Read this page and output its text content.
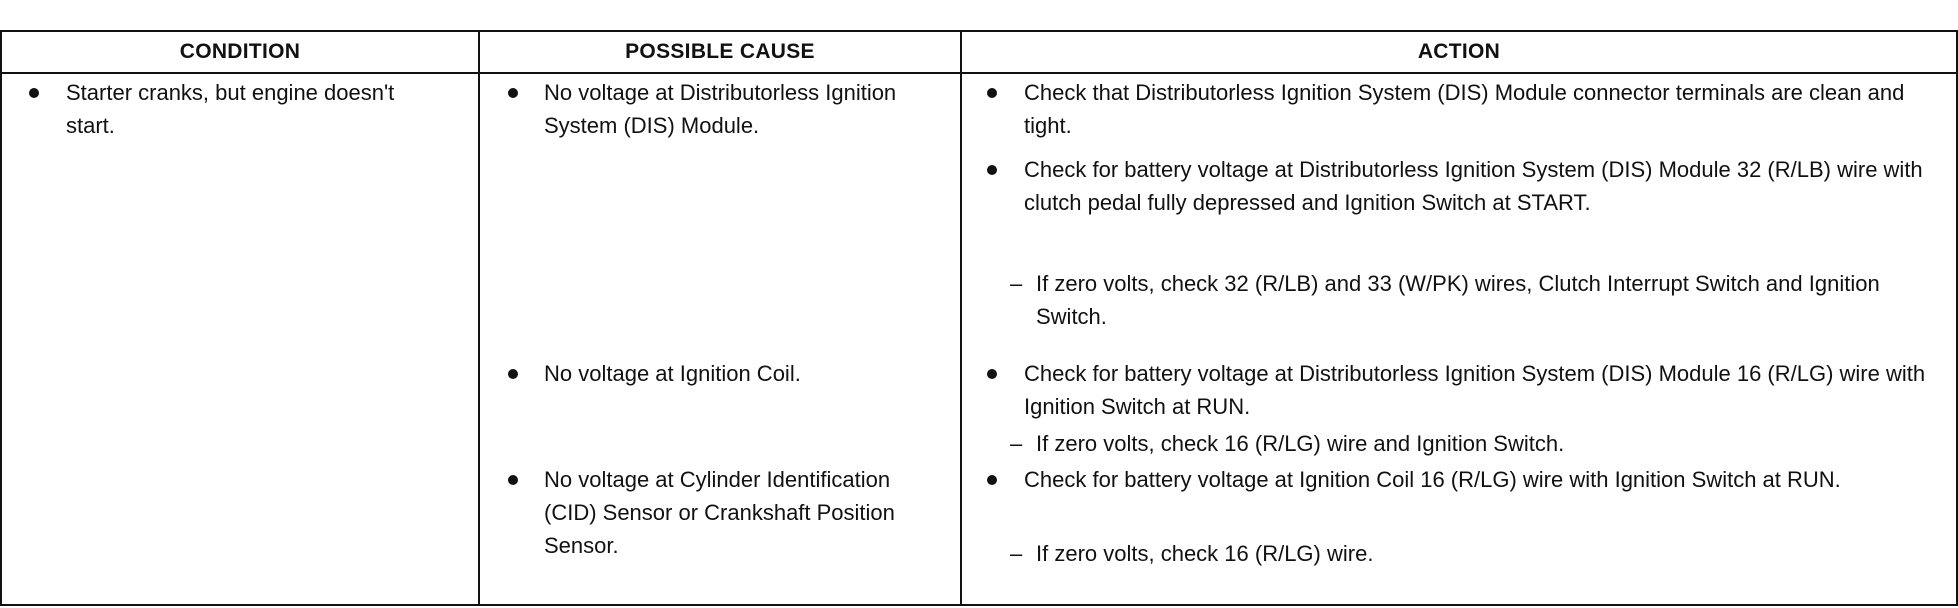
CONDITION	POSSIBLE CAUSE	ACTION
Starter cranks, but engine doesn't start.
No voltage at Distributorless Ignition System (DIS) Module.
No voltage at Ignition Coil.
No voltage at Cylinder Identification (CID) Sensor or Crankshaft Position Sensor.
Check that Distributorless Ignition System (DIS) Module connector terminals are clean and tight.
Check for battery voltage at Distributorless Ignition System (DIS) Module 32 (R/LB) wire with clutch pedal fully depressed and Ignition Switch at START.
– If zero volts, check 32 (R/LB) and 33 (W/PK) wires, Clutch Interrupt Switch and Ignition Switch.
Check for battery voltage at Distributorless Ignition System (DIS) Module 16 (R/LG) wire with Ignition Switch at RUN.
– If zero volts, check 16 (R/LG) wire and Ignition Switch.
Check for battery voltage at Ignition Coil 16 (R/LG) wire with Ignition Switch at RUN.
– If zero volts, check 16 (R/LG) wire.
